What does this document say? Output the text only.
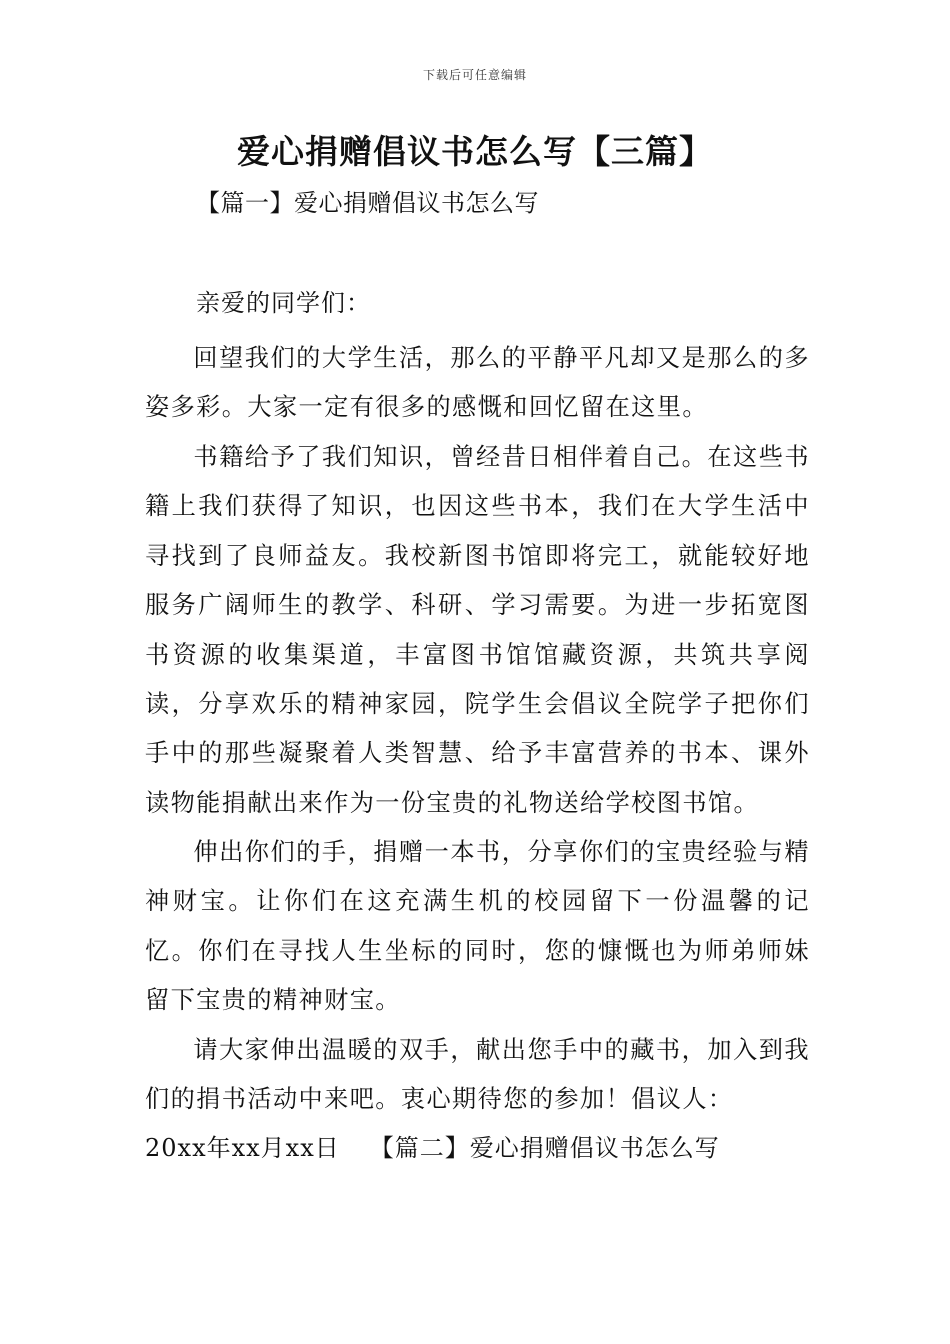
下载后可任意编辑
爱心捐赠倡议书怎么写【三篇】
【篇一】爱心捐赠倡议书怎么写
亲爱的同学们：

回望我们的大学生活，那么的平静平凡却又是那么的多姿多彩。大家一定有很多的感慨和回忆留在这里。

书籍给予了我们知识，曾经昔日相伴着自己。在这些书籍上我们获得了知识，也因这些书本，我们在大学生活中寻找到了良师益友。我校新图书馆即将完工，就能较好地服务广阔师生的教学、科研、学习需要。为进一步拓宽图书资源的收集渠道，丰富图书馆馆藏资源，共筑共享阅读，分享欢乐的精神家园，院学生会倡议全院学子把你们手中的那些凝聚着人类智慧、给予丰富营养的书本、课外读物能捐献出来作为一份宝贵的礼物送给学校图书馆。

伸出你们的手，捐赠一本书，分享你们的宝贵经验与精神财宝。让你们在这充满生机的校园留下一份温馨的记忆。你们在寻找人生坐标的同时，您的慷慨也为师弟师妹留下宝贵的精神财宝。

请大家伸出温暖的双手，献出您手中的藏书，加入到我们的捐书活动中来吧。衷心期待您的参加！倡议人：

20xx年xx月xx日 【篇二】爱心捐赠倡议书怎么写
